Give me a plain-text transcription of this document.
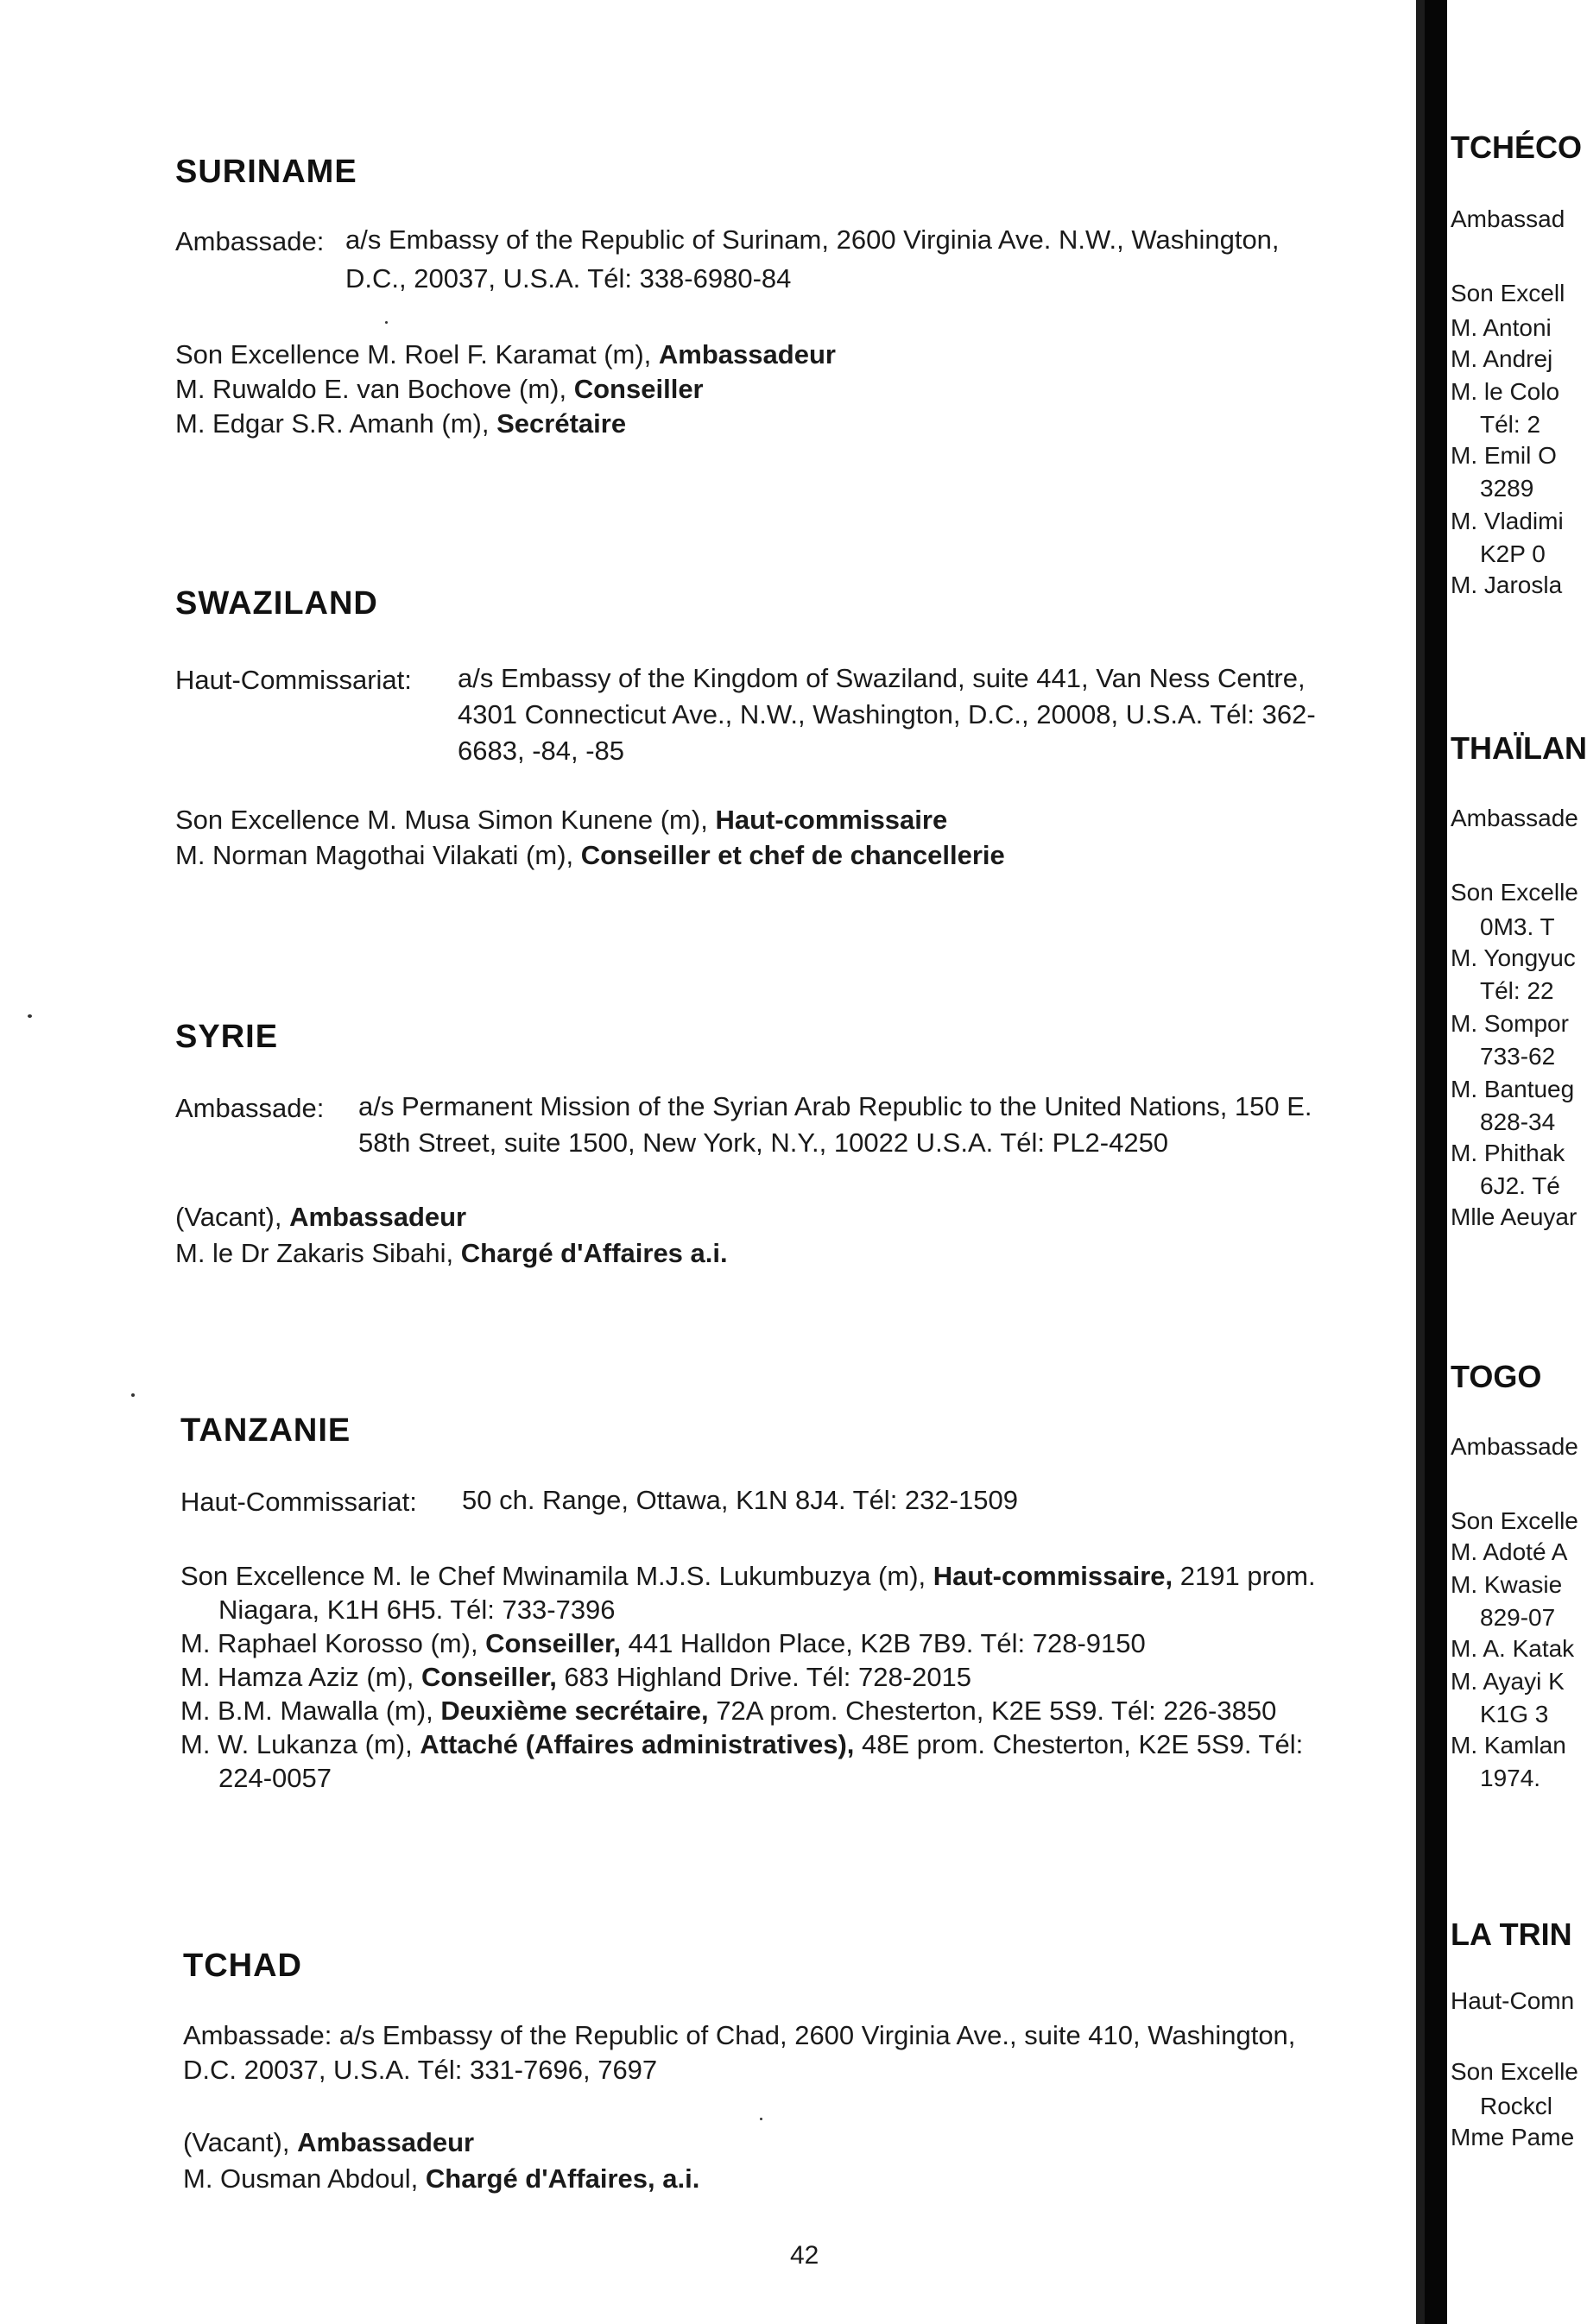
SURINAME
Ambassade: a/s Embassy of the Republic of Surinam, 2600 Virginia Ave. N.W., Washington,
D.C., 20037, U.S.A. Tél: 338-6980-84
Son Excellence M. Roel F. Karamat (m), Ambassadeur
M. Ruwaldo E. van Bochove (m), Conseiller
M. Edgar S.R. Amanh (m), Secrétaire
SWAZILAND
Haut-Commissariat: a/s Embassy of the Kingdom of Swaziland, suite 441, Van Ness Centre,
4301 Connecticut Ave., N.W., Washington, D.C., 20008, U.S.A. Tél: 362-
6683, -84, -85
Son Excellence M. Musa Simon Kunene (m), Haut-commissaire
M. Norman Magothai Vilakati (m), Conseiller et chef de chancellerie
SYRIE
Ambassade: a/s Permanent Mission of the Syrian Arab Republic to the United Nations, 150 E.
58th Street, suite 1500, New York, N.Y., 10022 U.S.A. Tél: PL2-4250
(Vacant), Ambassadeur
M. le Dr Zakaris Sibahi, Chargé d'Affaires a.i.
TANZANIE
Haut-Commissariat: 50 ch. Range, Ottawa, K1N 8J4. Tél: 232-1509
Son Excellence M. le Chef Mwinamila M.J.S. Lukumbuzya (m), Haut-commissaire, 2191 prom.
Niagara, K1H 6H5. Tél: 733-7396
M. Raphael Korosso (m), Conseiller, 441 Halldon Place, K2B 7B9. Tél: 728-9150
M. Hamza Aziz (m), Conseiller, 683 Highland Drive. Tél: 728-2015
M. B.M. Mawalla (m), Deuxième secrétaire, 72A prom. Chesterton, K2E 5S9. Tél: 226-3850
M. W. Lukanza (m), Attaché (Affaires administratives), 48E prom. Chesterton, K2E 5S9. Tél:
224-0057
TCHAD
Ambassade: a/s Embassy of the Republic of Chad, 2600 Virginia Ave., suite 410, Washington,
D.C. 20037, U.S.A. Tél: 331-7696, 7697
(Vacant), Ambassadeur
M. Ousman Abdoul, Chargé d'Affaires, a.i.
42
TCHÉCO
Ambassad
Son Excell
M. Antoni
M. Andrej
M. le Colo
Tél: 2
M. Emil O
3289
M. Vladimi
K2P 0
M. Jarosla
THAÏLAN
Ambassade
Son Excelle
0M3. T
M. Yongyuc
Tél: 22
M. Sompor
733-62
M. Bantueg
828-34
M. Phithak
6J2. Té
Mlle Aeuyar
TOGO
Ambassade
Son Excelle
M. Adoté A
M. Kwasie
829-07
M. A. Katak
M. Ayayi K
K1G 3
M. Kamlan
1974.
LA TRIN
Haut-Comn
Son Excelle
Rockcl
Mme Pame
